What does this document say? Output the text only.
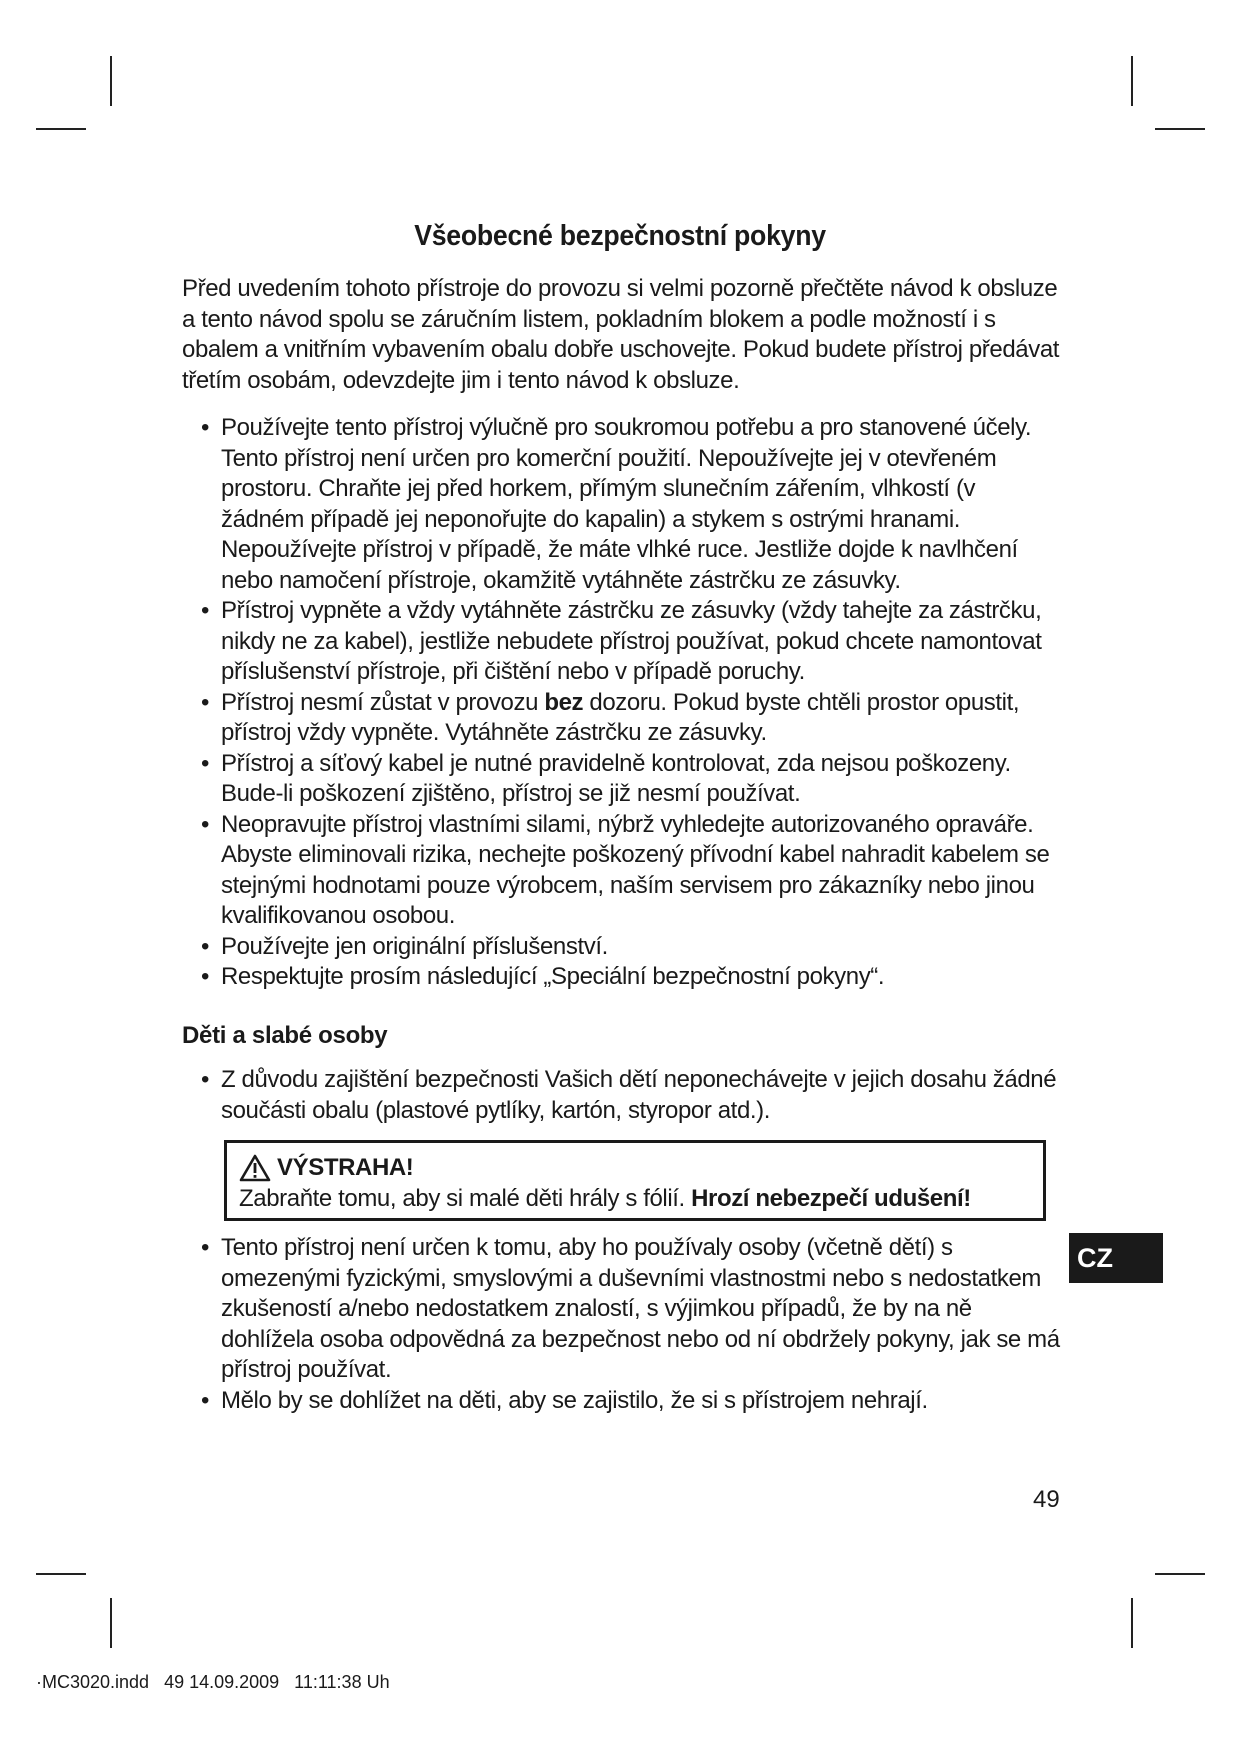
Všeobecné bezpečnostní pokyny

Před uvedením tohoto přístroje do provozu si velmi pozorně přečtěte návod k obsluze a tento návod spolu se záručním listem, pokladním blokem a podle možností i s obalem a vnitřním vybavením obalu dobře uschovejte. Pokud budete přístroj předávat třetím osobám, odevzdejte jim i tento návod k obsluze.

• Používejte tento přístroj výlučně pro soukromou potřebu a pro stanovené účely. Tento přístroj není určen pro komerční použití. Nepoužívejte jej v otevřeném prostoru. Chraňte jej před horkem, přímým slunečním zářením, vlhkostí (v žádném případě jej neponořujte do kapalin) a stykem s ostrými hranami. Nepoužívejte přístroj v případě, že máte vlhké ruce. Jestliže dojde k navlhčení nebo namočení přístroje, okamžitě vytáhněte zástrčku ze zásuvky.
• Přístroj vypněte a vždy vytáhněte zástrčku ze zásuvky (vždy tahejte za zástrčku, nikdy ne za kabel), jestliže nebudete přístroj používat, pokud chcete namontovat příslušenství přístroje, při čištění nebo v případě poruchy.
• Přístroj nesmí zůstat v provozu bez dozoru. Pokud byste chtěli prostor opustit, přístroj vždy vypněte. Vytáhněte zástrčku ze zásuvky.
• Přístroj a síťový kabel je nutné pravidelně kontrolovat, zda nejsou poškozeny. Bude-li poškození zjištěno, přístroj se již nesmí používat.
• Neopravujte přístroj vlastními silami, nýbrž vyhledejte autorizovaného opraváře. Abyste eliminovali rizika, nechejte poškozený přívodní kabel nahradit kabelem se stejnými hodnotami pouze výrobcem, naším servisem pro zákazníky nebo jinou kvalifikovanou osobou.
• Používejte jen originální příslušenství.
• Respektujte prosím následující „Speciální bezpečnostní pokyny“.
Děti a slabé osoby
• Z důvodu zajištění bezpečnosti Vašich dětí neponechávejte v jejich dosahu žádné součásti obalu (plastové pytlíky, kartón, styropor atd.).
VÝSTRAHA!
Zabraňte tomu, aby si malé děti hrály s fólií. Hrozí nebezpečí udušení!
• Tento přístroj není určen k tomu, aby ho používaly osoby (včetně dětí) s omezenými fyzickými, smyslovými a duševními vlastnostmi nebo s nedostatkem zkušeností a/nebo nedostatkem znalostí, s výjimkou případů, že by na ně dohlížela osoba odpovědná za bezpečnost nebo od ní obdržely pokyny, jak se má přístroj používat.
• Mělo by se dohlížet na děti, aby se zajistilo, že si s přístrojem nehrají.
CZ
49
·MC3020.indd   49 14.09.2009   11:11:38 Uh
